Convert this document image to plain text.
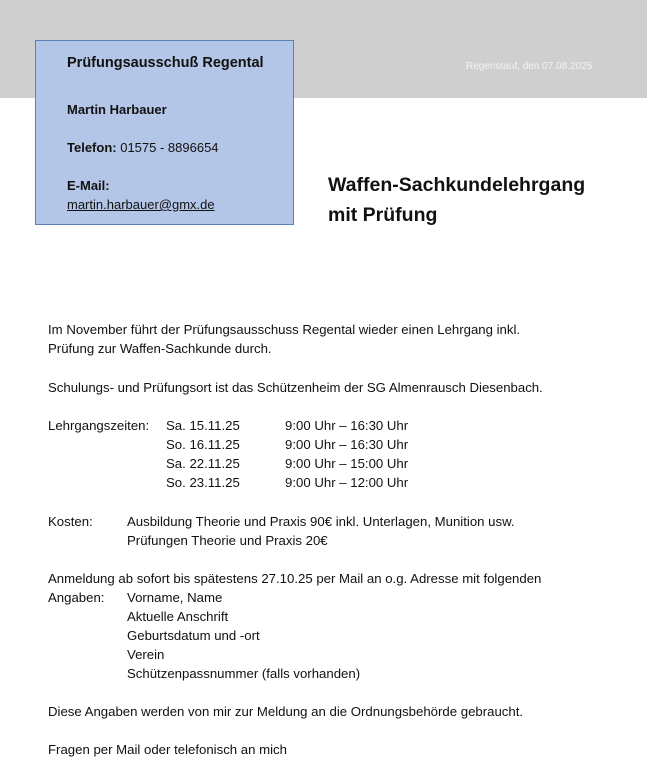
Regenstauf, den 07.08.2025
Prüfungsausschuß Regental
Martin Harbauer
Telefon: 01575 - 8896654
E-Mail:
martin.harbauer@gmx.de
Waffen-Sachkundelehrgang
mit Prüfung
Im November führt der Prüfungsausschuss Regental wieder einen Lehrgang inkl.
Prüfung zur Waffen-Sachkunde durch.
Schulungs- und Prüfungsort ist das Schützenheim der SG Almenrausch Diesenbach.
Lehrgangszeiten: Sa. 15.11.25	9:00 Uhr – 16:30 Uhr
So. 16.11.25	9:00 Uhr – 16:30 Uhr
Sa. 22.11.25	9:00 Uhr – 15:00 Uhr
So. 23.11.25	9:00 Uhr – 12:00 Uhr
Kosten:	Ausbildung Theorie und Praxis 90€ inkl. Unterlagen, Munition usw.
Prüfungen Theorie und Praxis 20€
Anmeldung ab sofort bis spätestens 27.10.25 per Mail an o.g. Adresse mit folgenden
Angaben: Vorname, Name
Aktuelle Anschrift
Geburtsdatum und -ort
Verein
Schützenpassnummer (falls vorhanden)
Diese Angaben werden von mir zur Meldung an die Ordnungsbehörde gebraucht.
Fragen per Mail oder telefonisch an mich
